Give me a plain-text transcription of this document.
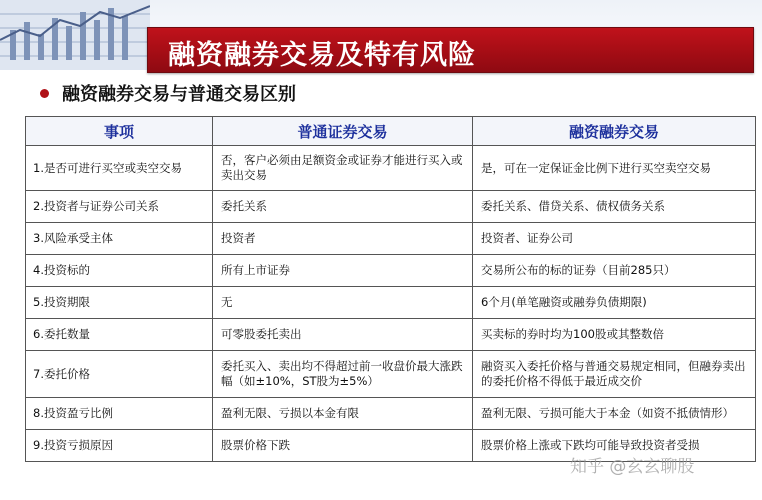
融资融券交易及特有风险
融资融券交易与普通交易区别
事项	普通证券交易	融资融券交易
1.是否可进行买空或卖空交易	否，客户必须由足额资金或证券才能进行买入或卖出交易	是，可在一定保证金比例下进行买空卖空交易
2.投资者与证券公司关系	委托关系	委托关系、借贷关系、债权债务关系
3.风险承受主体	投资者	投资者、证券公司
4.投资标的	所有上市证券	交易所公布的标的证券（目前285只）
5.投资期限	无	6个月(单笔融资或融券负债期限)
6.委托数量	可零股委托卖出	买卖标的券时均为100股或其整数倍
7.委托价格	委托买入、卖出均不得超过前一收盘价最大涨跌幅（如±10%，ST股为±5%）	融资买入委托价格与普通交易规定相同，但融券卖出的委托价格不得低于最近成交价
8.投资盈亏比例	盈利无限、亏损以本金有限	盈利无限、亏损可能大于本金（如资不抵债情形）
9.投资亏损原因	股票价格下跌	股票价格上涨或下跌均可能导致投资者受损
知乎 @玄玄聊股
